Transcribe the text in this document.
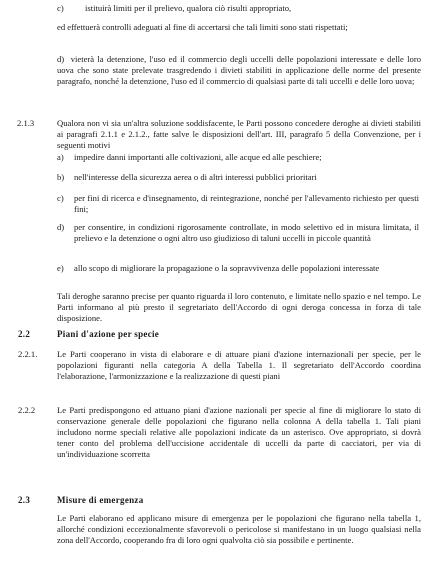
c) istituirà limiti per il prelievo, qualora ciò risulti appropriato,

ed effettuerà controlli adeguati al fine di accertarsi che tali limiti sono stati rispettati;

d) vieterà la detenzione, l'uso ed il commercio degli uccelli delle popolazioni interessate e delle loro uova che sono state prelevate trasgredendo i divieti stabiliti in applicazione delle norme del presente paragrafo, nonché la detenzione, l'uso ed il commercio di qualsiasi parte di tali uccelli e delle loro uova;
2.1.3	Qualora non vi sia un'altra soluzione soddisfacente, le Parti possono concedere deroghe ai divieti stabiliti ai paragrafi 2.1.1 e 2.1.2., fatte salve le disposizioni dell'art. III, paragrafo 5 della Convenzione, per i seguenti motivi

a) impedire danni importanti alle coltivazioni, alle acque ed alle peschiere;
b) nell'interesse della sicurezza aerea o di altri interessi pubblici prioritari
c) per fini di ricerca e d'insegnamento, di reintegrazione, nonché per l'allevamento richiesto per questi fini;
d) per consentire, in condizioni rigorosamente controllate, in modo selettivo ed in misura limitata, il prelievo e la detenzione o ogni altro uso giudizioso di taluni uccelli in piccole quantità
e) allo scopo di migliorare la propagazione o la sopravvivenza delle popolazioni interessate

Tali deroghe saranno precise per quanto riguarda il loro contenuto, e limitate nello spazio e nel tempo. Le Parti informano al più presto il segretariato dell'Accordo di ogni deroga concessa in forza di tale disposizione.

2.2	Piani d'azione per specie
2.2.1. Le Parti cooperano in vista di elaborare e di attuare piani d'azione internazionali per specie, per le popolazioni figuranti nella categoria A della Tabella 1. Il segretariato dell'Accordo coordina l'elaborazione, l'armonizzazione e la realizzazione di questi piani

2.2.2	Le Parti predispongono ed attuano piani d'azione nazionali per specie al fine di migliorare lo stato di conservazione generale delle popolazioni che figurano nella colonna A della tabella 1. Tali piani includono norme speciali relative alle popolazioni indicate da un asterisco. Ove appropriato, si dovrà tener conto del problema dell'uccisione accidentale di uccelli da parte di cacciatori, per via di un'individuazione scorretta

2.3	Misure di emergenza

Le Parti elaborano ed applicano misure di emergenza per le popolazioni che figurano nella tabella 1, allorché condizioni eccezionalmente sfavorevoli o pericolose si manifestano in un luogo qualsiasi nella zona dell'Accordo, cooperando fra di loro ogni qualvolta ciò sia possibile e pertinente.
